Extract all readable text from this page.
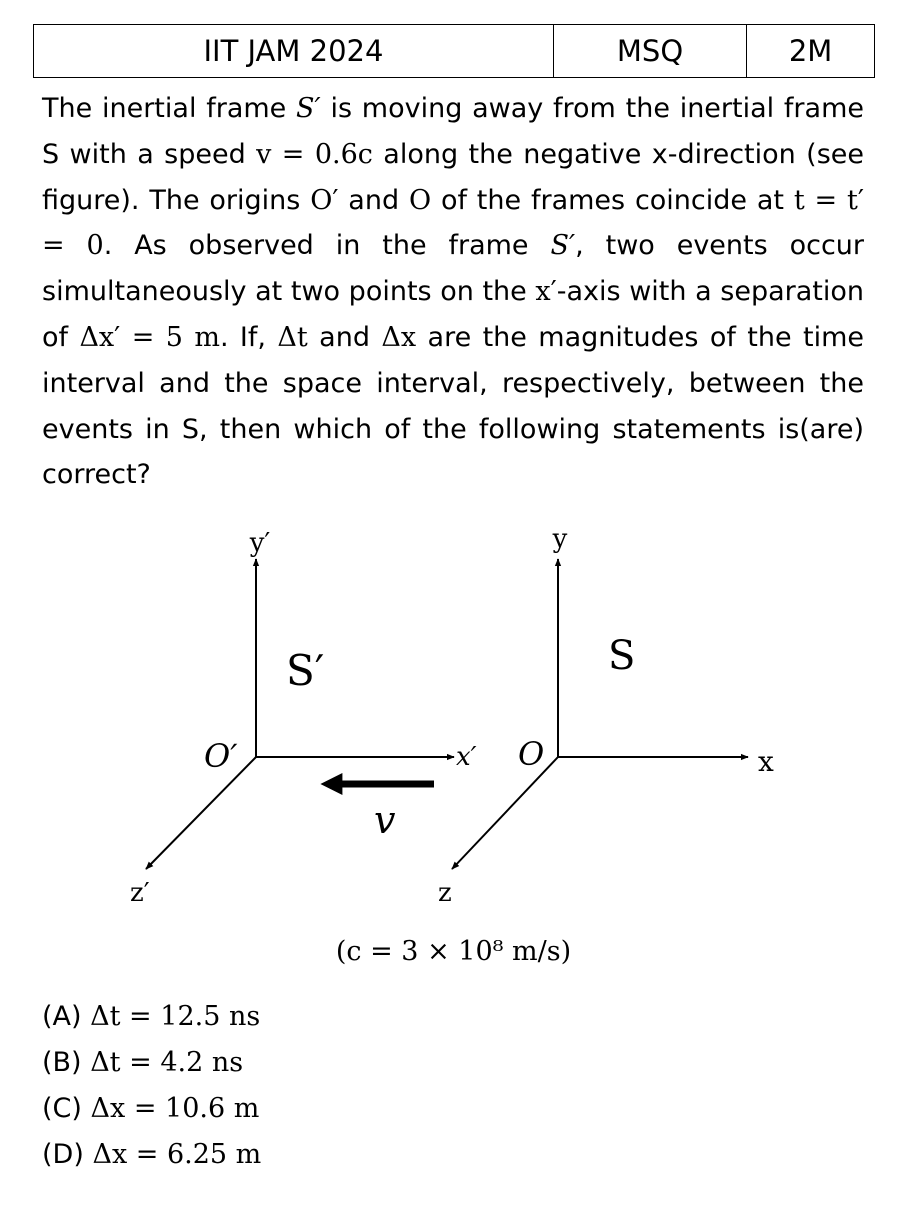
IIT JAM 2024	MSQ	2M

The inertial frame S′ is moving away from the inertial frame S with a speed v = 0.6c along the negative x-direction (see figure). The origins O′ and O of the frames coincide at t = t′ = 0. As observed in the frame S′, two events occur simultaneously at two points on the x′-axis with a separation of Δx′ = 5 m. If, Δt and Δx are the magnitudes of the time interval and the space interval, respectively, between the events in S, then which of the following statements is(are) correct?

y′
x′
z′
O′
S′
v
y
x
z
O
S
(c = 3 × 10⁸ m/s)
(A) Δt = 12.5 ns
(B) Δt = 4.2 ns
(C) Δx = 10.6 m
(D) Δx = 6.25 m
